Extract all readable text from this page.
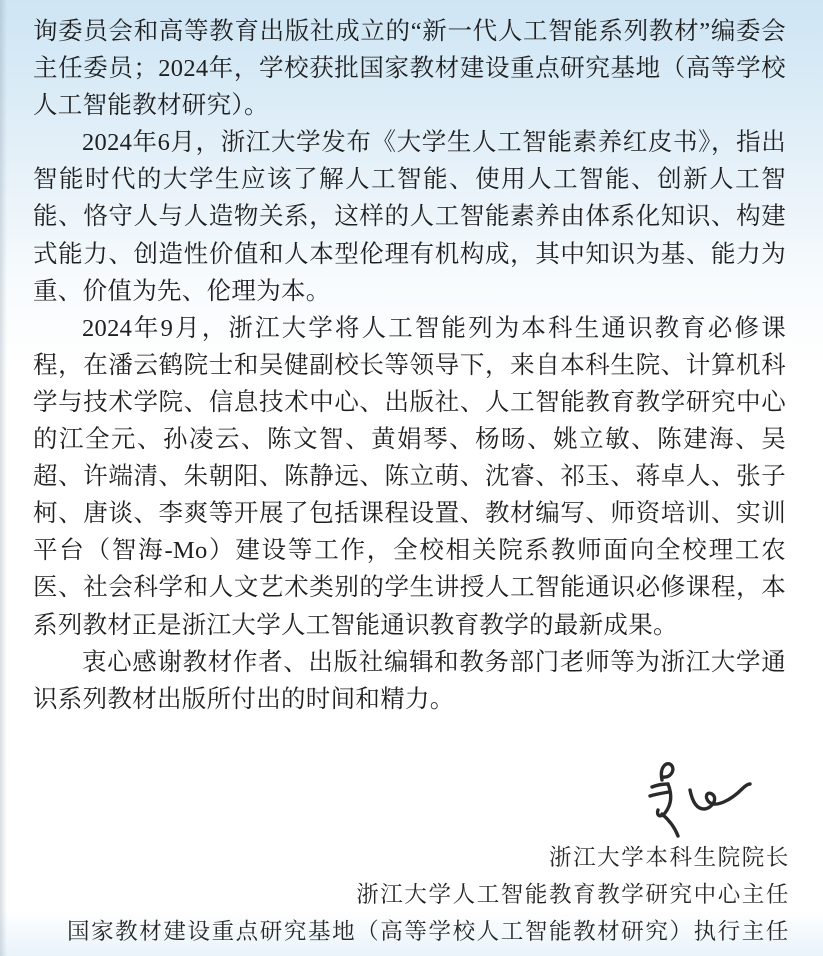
询委员会和高等教育出版社成立的“新一代人工智能系列教材”编委会主任委员；2024年，学校获批国家教材建设重点研究基地（高等学校人工智能教材研究）。

2024年6月，浙江大学发布《大学生人工智能素养红皮书》，指出智能时代的大学生应该了解人工智能、使用人工智能、创新人工智能、恪守人与人造物关系，这样的人工智能素养由体系化知识、构建式能力、创造性价值和人本型伦理有机构成，其中知识为基、能力为重、价值为先、伦理为本。

2024年9月，浙江大学将人工智能列为本科生通识教育必修课程，在潘云鹤院士和吴健副校长等领导下，来自本科生院、计算机科学与技术学院、信息技术中心、出版社、人工智能教育教学研究中心的江全元、孙凌云、陈文智、黄娟琴、杨旸、姚立敏、陈建海、吴超、许端清、朱朝阳、陈静远、陈立萌、沈睿、祁玉、蒋卓人、张子柯、唐谈、李爽等开展了包括课程设置、教材编写、师资培训、实训平台（智海-Mo）建设等工作，全校相关院系教师面向全校理工农医、社会科学和人文艺术类别的学生讲授人工智能通识必修课程，本系列教材正是浙江大学人工智能通识教育教学的最新成果。

衷心感谢教材作者、出版社编辑和教务部门老师等为浙江大学通识系列教材出版所付出的时间和精力。

浙江大学本科生院院长
浙江大学人工智能教育教学研究中心主任
国家教材建设重点研究基地（高等学校人工智能教材研究）执行主任
